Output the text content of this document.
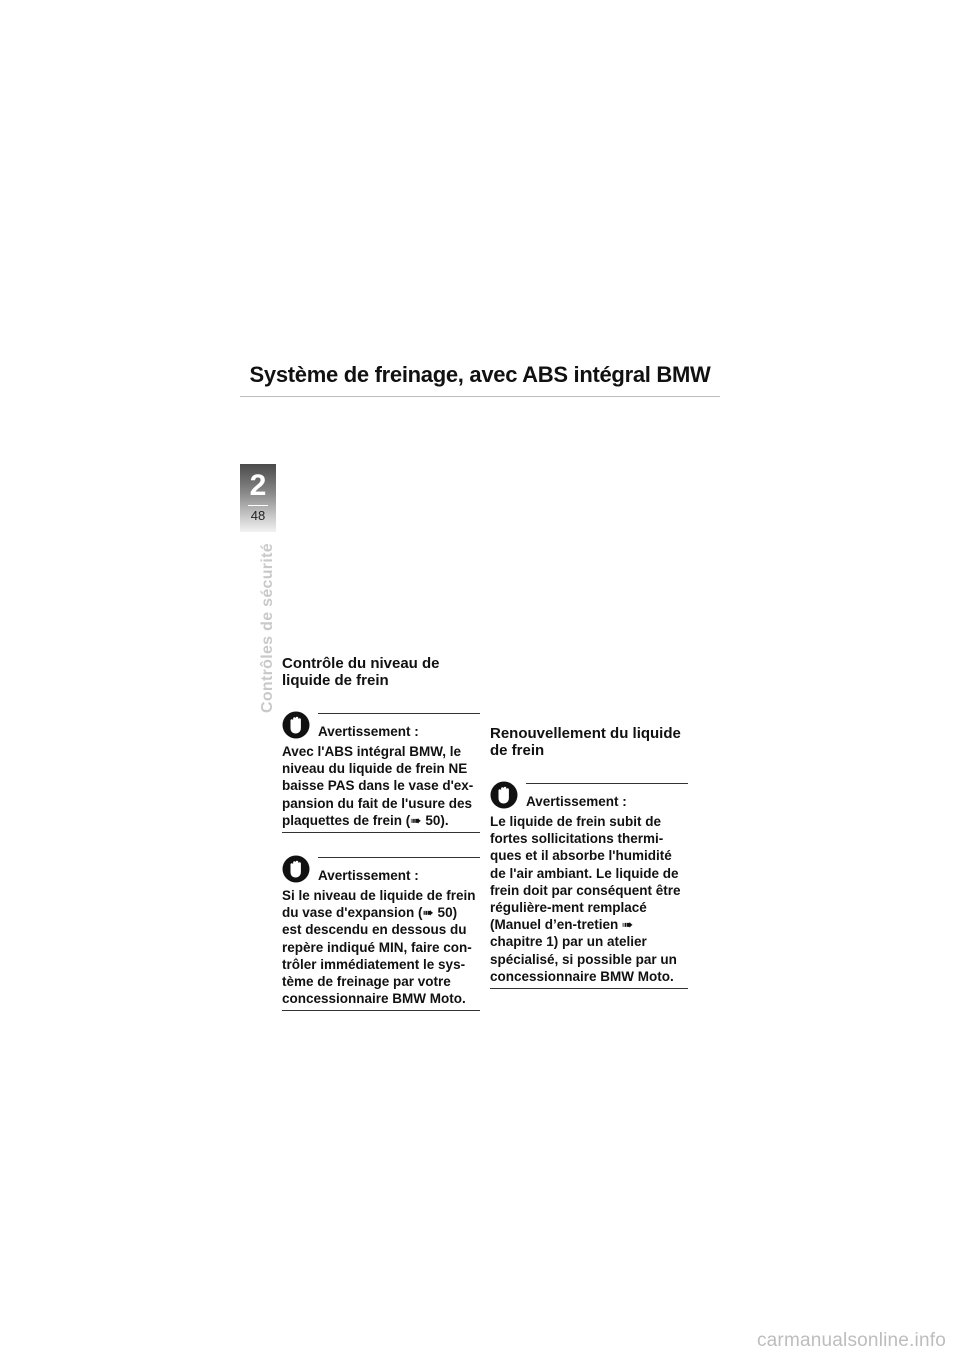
Système de freinage, avec ABS intégral BMW
2
48
Contrôles de sécurité Contrôle du niveau de liquide de frein
Avertissement :
Avec l'ABS intégral BMW, le niveau du liquide de frein NE baisse PAS dans le vase d'ex-pansion du fait de l'usure des plaquettes de frein (➠ 50).
Avertissement :
Si le niveau de liquide de frein du vase d'expansion (➠ 50) est descendu en dessous du repère indiqué MIN, faire con-trôler immédiatement le sys-tème de freinage par votre concessionnaire BMW Moto.
Renouvellement du liquide de frein
Avertissement :
Le liquide de frein subit de fortes sollicitations thermi-ques et il absorbe l'humidité de l'air ambiant. Le liquide de frein doit par conséquent être régulière-ment remplacé (Manuel d’en-tretien ➠ chapitre 1) par un atelier spécialisé, si possible par un concessionnaire BMW Moto.
carmanualsonline.info
